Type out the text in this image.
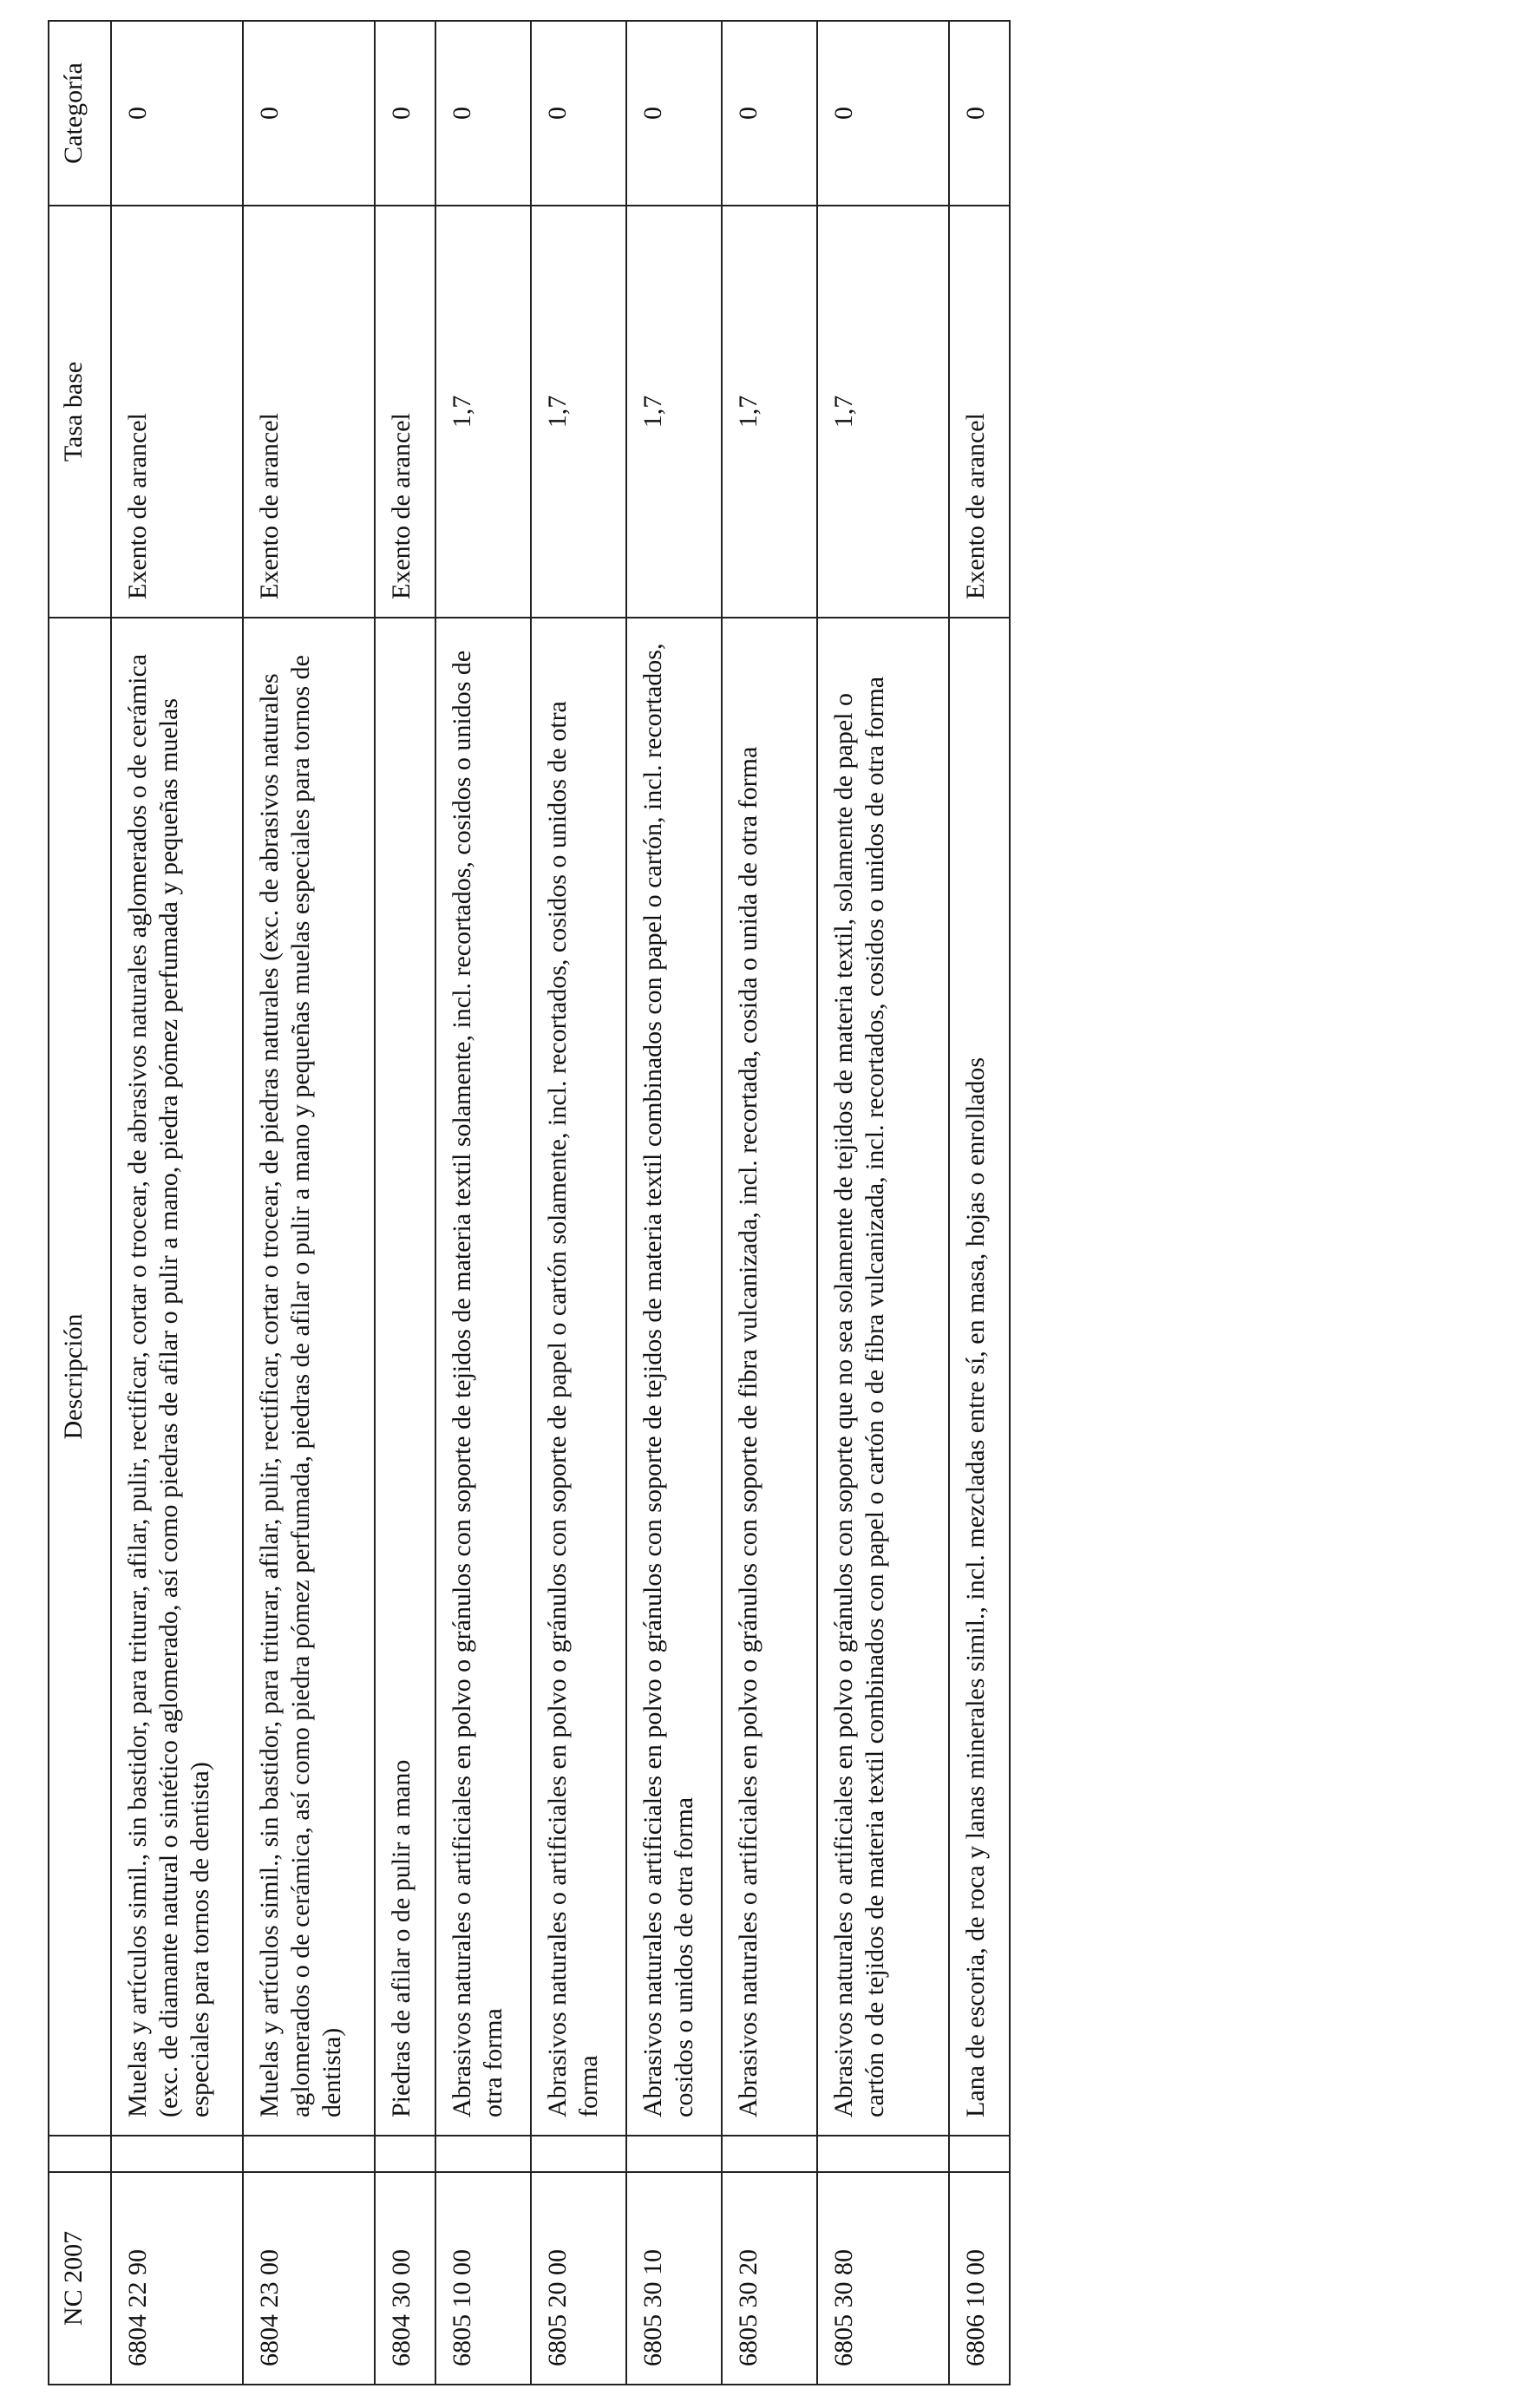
NC 2007		Descripción	Tasa base	Categoría
6804 22 90		Muelas y artículos simil., sin bastidor, para triturar, afilar, pulir, rectificar, cortar o trocear, de abrasivos naturales aglomerados o de cerámica (exc. de diamante natural o sintético aglomerado, así como piedras de afilar o pulir a mano, piedra pómez perfumada y pequeñas muelas especiales para tornos de dentista)	Exento de arancel	0
6804 23 00		Muelas y artículos simil., sin bastidor, para triturar, afilar, pulir, rectificar, cortar o trocear, de piedras naturales (exc. de abrasivos naturales aglomerados o de cerámica, así como piedra pómez perfumada, piedras de afilar o pulir a mano y pequeñas muelas especiales para tornos de dentista)	Exento de arancel	0
6804 30 00		Piedras de afilar o de pulir a mano	Exento de arancel	0
6805 10 00		Abrasivos naturales o artificiales en polvo o gránulos con soporte de tejidos de materia textil solamente, incl. recortados, cosidos o unidos de otra forma	1,7	0
6805 20 00		Abrasivos naturales o artificiales en polvo o gránulos con soporte de papel o cartón solamente, incl. recortados, cosidos o unidos de otra forma	1,7	0
6805 30 10		Abrasivos naturales o artificiales en polvo o gránulos con soporte de tejidos de materia textil combinados con papel o cartón, incl. recortados, cosidos o unidos de otra forma	1,7	0
6805 30 20		Abrasivos naturales o artificiales en polvo o gránulos con soporte de fibra vulcanizada, incl. recortada, cosida o unida de otra forma	1,7	0
6805 30 80		Abrasivos naturales o artificiales en polvo o gránulos con soporte que no sea solamente de tejidos de materia textil, solamente de papel o cartón o de tejidos de materia textil combinados con papel o cartón o de fibra vulcanizada, incl. recortados, cosidos o unidos de otra forma	1,7	0
6806 10 00		Lana de escoria, de roca y lanas minerales simil., incl. mezcladas entre sí, en masa, hojas o enrollados	Exento de arancel	0
